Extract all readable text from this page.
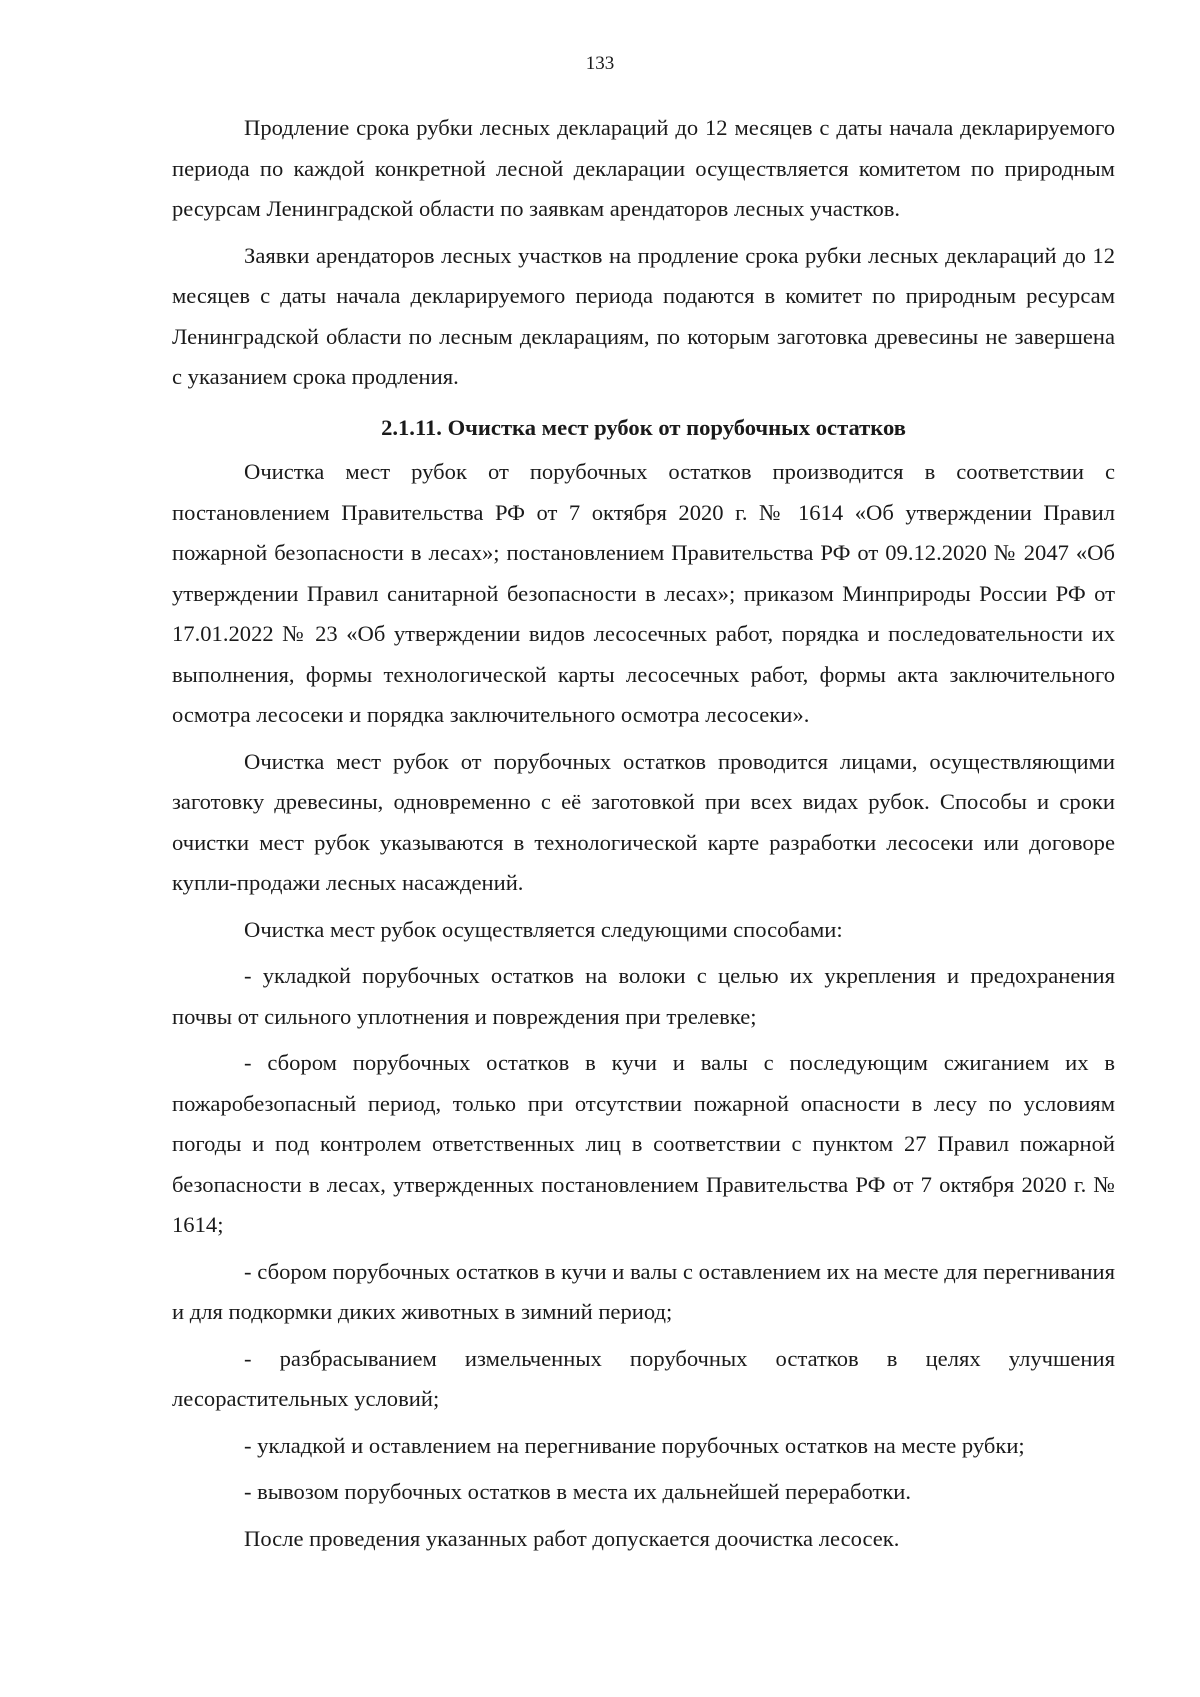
133

Продление срока рубки лесных деклараций до 12 месяцев с даты начала декларируемого периода по каждой конкретной лесной декларации осуществляется комитетом по природным ресурсам Ленинградской области по заявкам арендаторов лесных участков.

Заявки арендаторов лесных участков на продление срока рубки лесных деклараций до 12 месяцев с даты начала декларируемого периода подаются в комитет по природным ресурсам Ленинградской области по лесным декларациям, по которым заготовка древесины не завершена с указанием срока продления.

2.1.11. Очистка мест рубок от порубочных остатков

Очистка мест рубок от порубочных остатков производится в соответствии с постановлением Правительства РФ от 7 октября 2020 г. № 1614 «Об утверждении Правил пожарной безопасности в лесах»; постановлением Правительства РФ от 09.12.2020 № 2047 «Об утверждении Правил санитарной безопасности в лесах»; приказом Минприроды России РФ от 17.01.2022 № 23 «Об утверждении видов лесосечных работ, порядка и последовательности их выполнения, формы технологической карты лесосечных работ, формы акта заключительного осмотра лесосеки и порядка заключительного осмотра лесосеки».

Очистка мест рубок от порубочных остатков проводится лицами, осуществляющими заготовку древесины, одновременно с её заготовкой при всех видах рубок. Способы и сроки очистки мест рубок указываются в технологической карте разработки лесосеки или договоре купли-продажи лесных насаждений.

Очистка мест рубок осуществляется следующими способами:

- укладкой порубочных остатков на волоки с целью их укрепления и предохранения почвы от сильного уплотнения и повреждения при трелевке;

- сбором порубочных остатков в кучи и валы с последующим сжиганием их в пожаробезопасный период, только при отсутствии пожарной опасности в лесу по условиям погоды и под контролем ответственных лиц в соответствии с пунктом 27 Правил пожарной безопасности в лесах, утвержденных постановлением Правительства РФ от 7 октября 2020 г. № 1614;

- сбором порубочных остатков в кучи и валы с оставлением их на месте для перегнивания и для подкормки диких животных в зимний период;

- разбрасыванием измельченных порубочных остатков в целях улучшения лесорастительных условий;

- укладкой и оставлением на перегнивание порубочных остатков на месте рубки;

- вывозом порубочных остатков в места их дальнейшей переработки.

После проведения указанных работ допускается доочистка лесосек.
